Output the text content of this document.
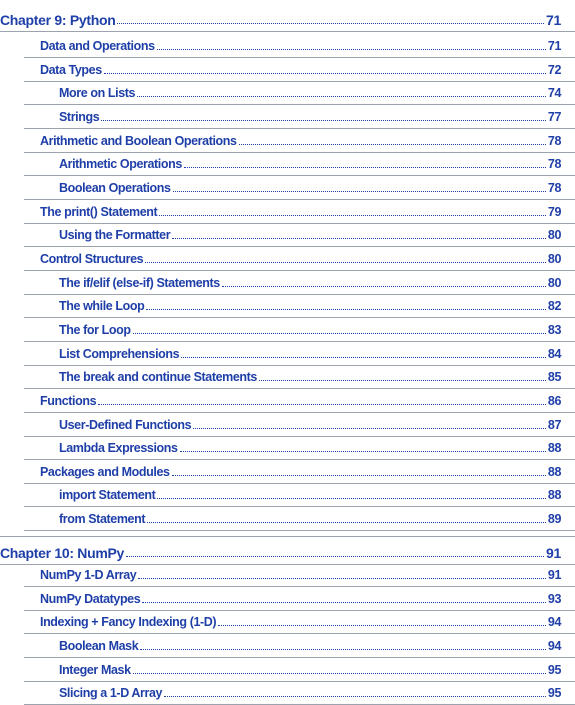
Chapter 9: Python	71
Data and Operations	71
Data Types	72
More on Lists	74
Strings	77
Arithmetic and Boolean Operations	78
Arithmetic Operations	78
Boolean Operations	78
The print() Statement	79
Using the Formatter	80
Control Structures	80
The if/elif (else-if) Statements	80
The while Loop	82
The for Loop	83
List Comprehensions	84
The break and continue Statements	85
Functions	86
User-Defined Functions	87
Lambda Expressions	88
Packages and Modules	88
import Statement	88
from Statement	89
Chapter 10: NumPy	91
NumPy 1-D Array	91
NumPy Datatypes	93
Indexing + Fancy Indexing (1-D)	94
Boolean Mask	94
Integer Mask	95
Slicing a 1-D Array	95
